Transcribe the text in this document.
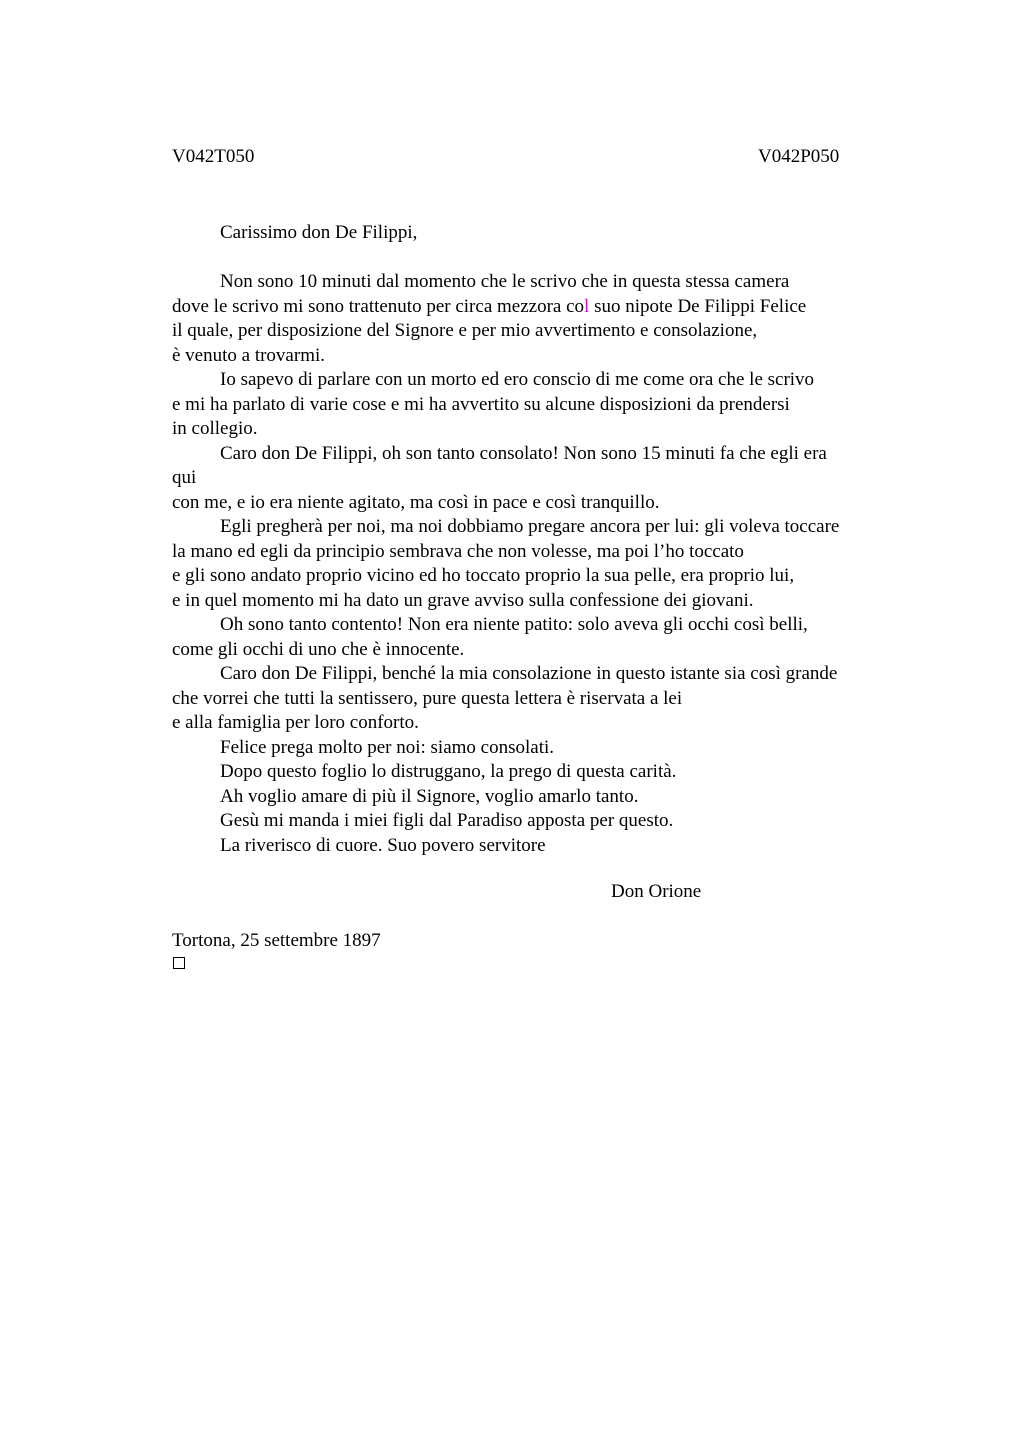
V042T050	V042P050
Carissimo don De Filippi,
Non sono 10 minuti dal momento che le scrivo che in questa stessa camera
dove le scrivo mi sono trattenuto per circa mezzora col suo nipote De Filippi Felice
il quale, per disposizione del Signore e per mio avvertimento e consolazione,
è venuto a trovarmi.
Io sapevo di parlare con un morto ed ero conscio di me come ora che le scrivo
e mi ha parlato di varie cose e mi ha avvertito su alcune disposizioni da prendersi
in collegio.
Caro don De Filippi, oh son tanto consolato! Non sono 15 minuti fa che egli era
qui
con me, e io era niente agitato, ma così in pace e così tranquillo.
Egli pregherà per noi, ma noi dobbiamo pregare ancora per lui: gli voleva toccare
la mano ed egli da principio sembrava che non volesse, ma poi l’ho toccato
e gli sono andato proprio vicino ed ho toccato proprio la sua pelle, era proprio lui,
e in quel momento mi ha dato un grave avviso sulla confessione dei giovani.
Oh sono tanto contento! Non era niente patito: solo aveva gli occhi così belli,
come gli occhi di uno che è innocente.
Caro don De Filippi, benché la mia consolazione in questo istante sia così grande
che vorrei che tutti la sentissero, pure questa lettera è riservata a lei
e alla famiglia per loro conforto.
Felice prega molto per noi: siamo consolati.
Dopo questo foglio lo distruggano, la prego di questa carità.
Ah voglio amare di più il Signore, voglio amarlo tanto.
Gesù mi manda i miei figli dal Paradiso apposta per questo.
La riverisco di cuore. Suo povero servitore
Don Orione
Tortona, 25 settembre 1897
